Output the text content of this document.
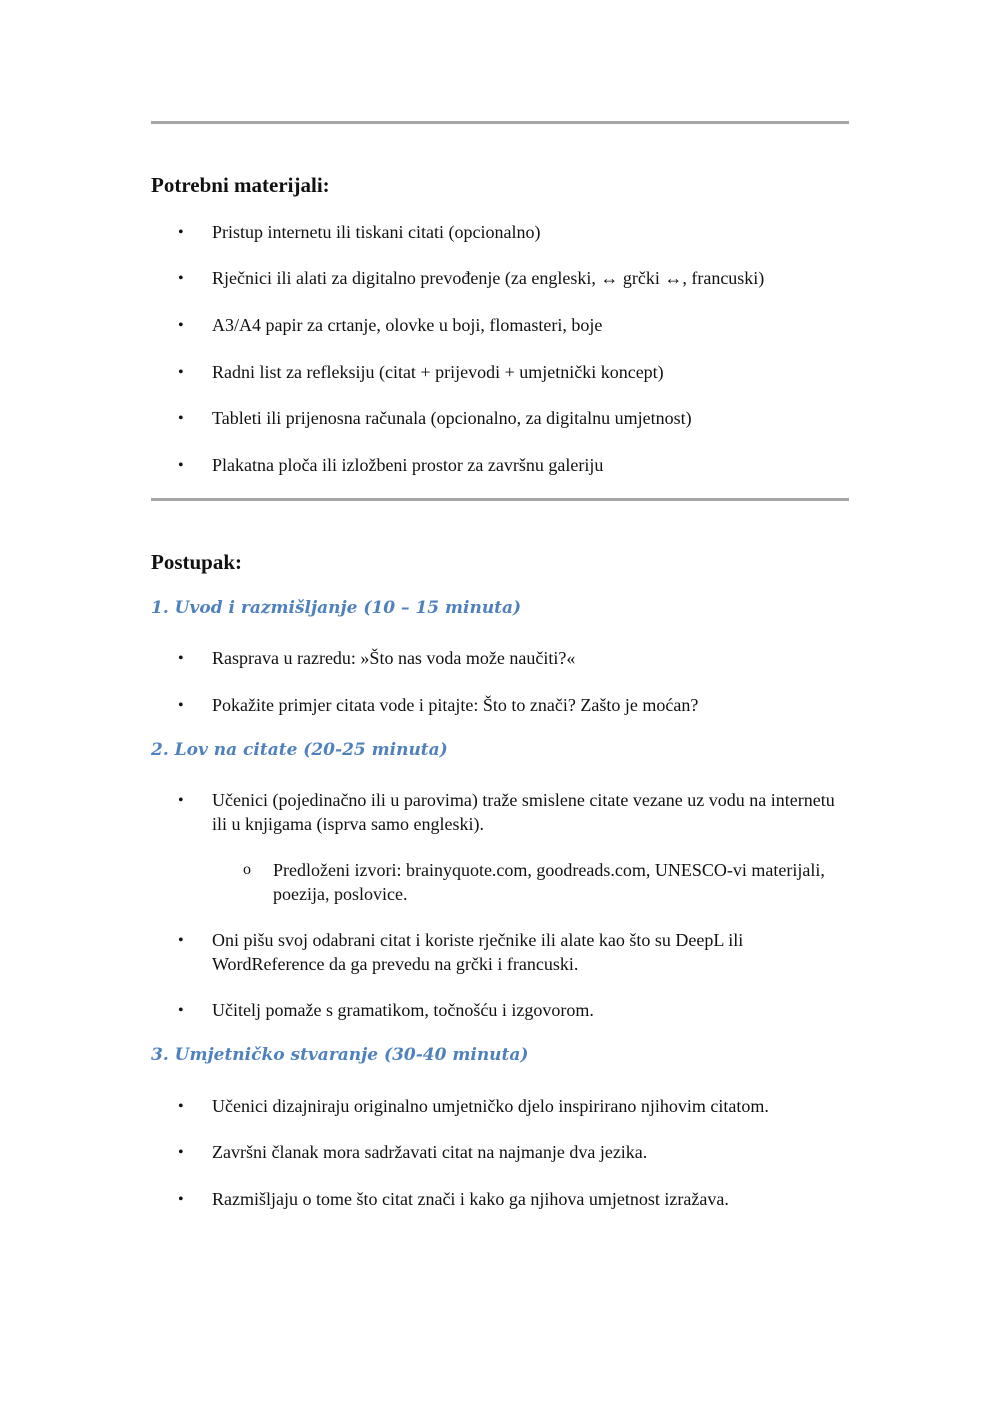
Potrebni materijali:
• Pristup internetu ili tiskani citati (opcionalno)
• Rječnici ili alati za digitalno prevođenje (za engleski, ↔ grčki ↔, francuski)
• A3/A4 papir za crtanje, olovke u boji, flomasteri, boje
• Radni list za refleksiju (citat + prijevodi + umjetnički koncept)
• Tableti ili prijenosna računala (opcionalno, za digitalnu umjetnost)
• Plakatna ploča ili izložbeni prostor za završnu galeriju
Postupak:
1. Uvod i razmišljanje (10 – 15 minuta)
• Rasprava u razredu: »Što nas voda može naučiti?«
• Pokažite primjer citata vode i pitajte: Što to znači? Zašto je moćan?
2. Lov na citate (20-25 minuta)
• Učenici (pojedinačno ili u parovima) traže smislene citate vezane uz vodu na internetu ili u knjigama (isprva samo engleski).
o Predloženi izvori: brainyquote.com, goodreads.com, UNESCO-vi materijali, poezija, poslovice.
• Oni pišu svoj odabrani citat i koriste rječnike ili alate kao što su DeepL ili WordReference da ga prevedu na grčki i francuski.
• Učitelj pomaže s gramatikom, točnošću i izgovorom.
3. Umjetničko stvaranje (30-40 minuta)
• Učenici dizajniraju originalno umjetničko djelo inspirirano njihovim citatom.
• Završni članak mora sadržavati citat na najmanje dva jezika.
• Razmišljaju o tome što citat znači i kako ga njihova umjetnost izražava.
